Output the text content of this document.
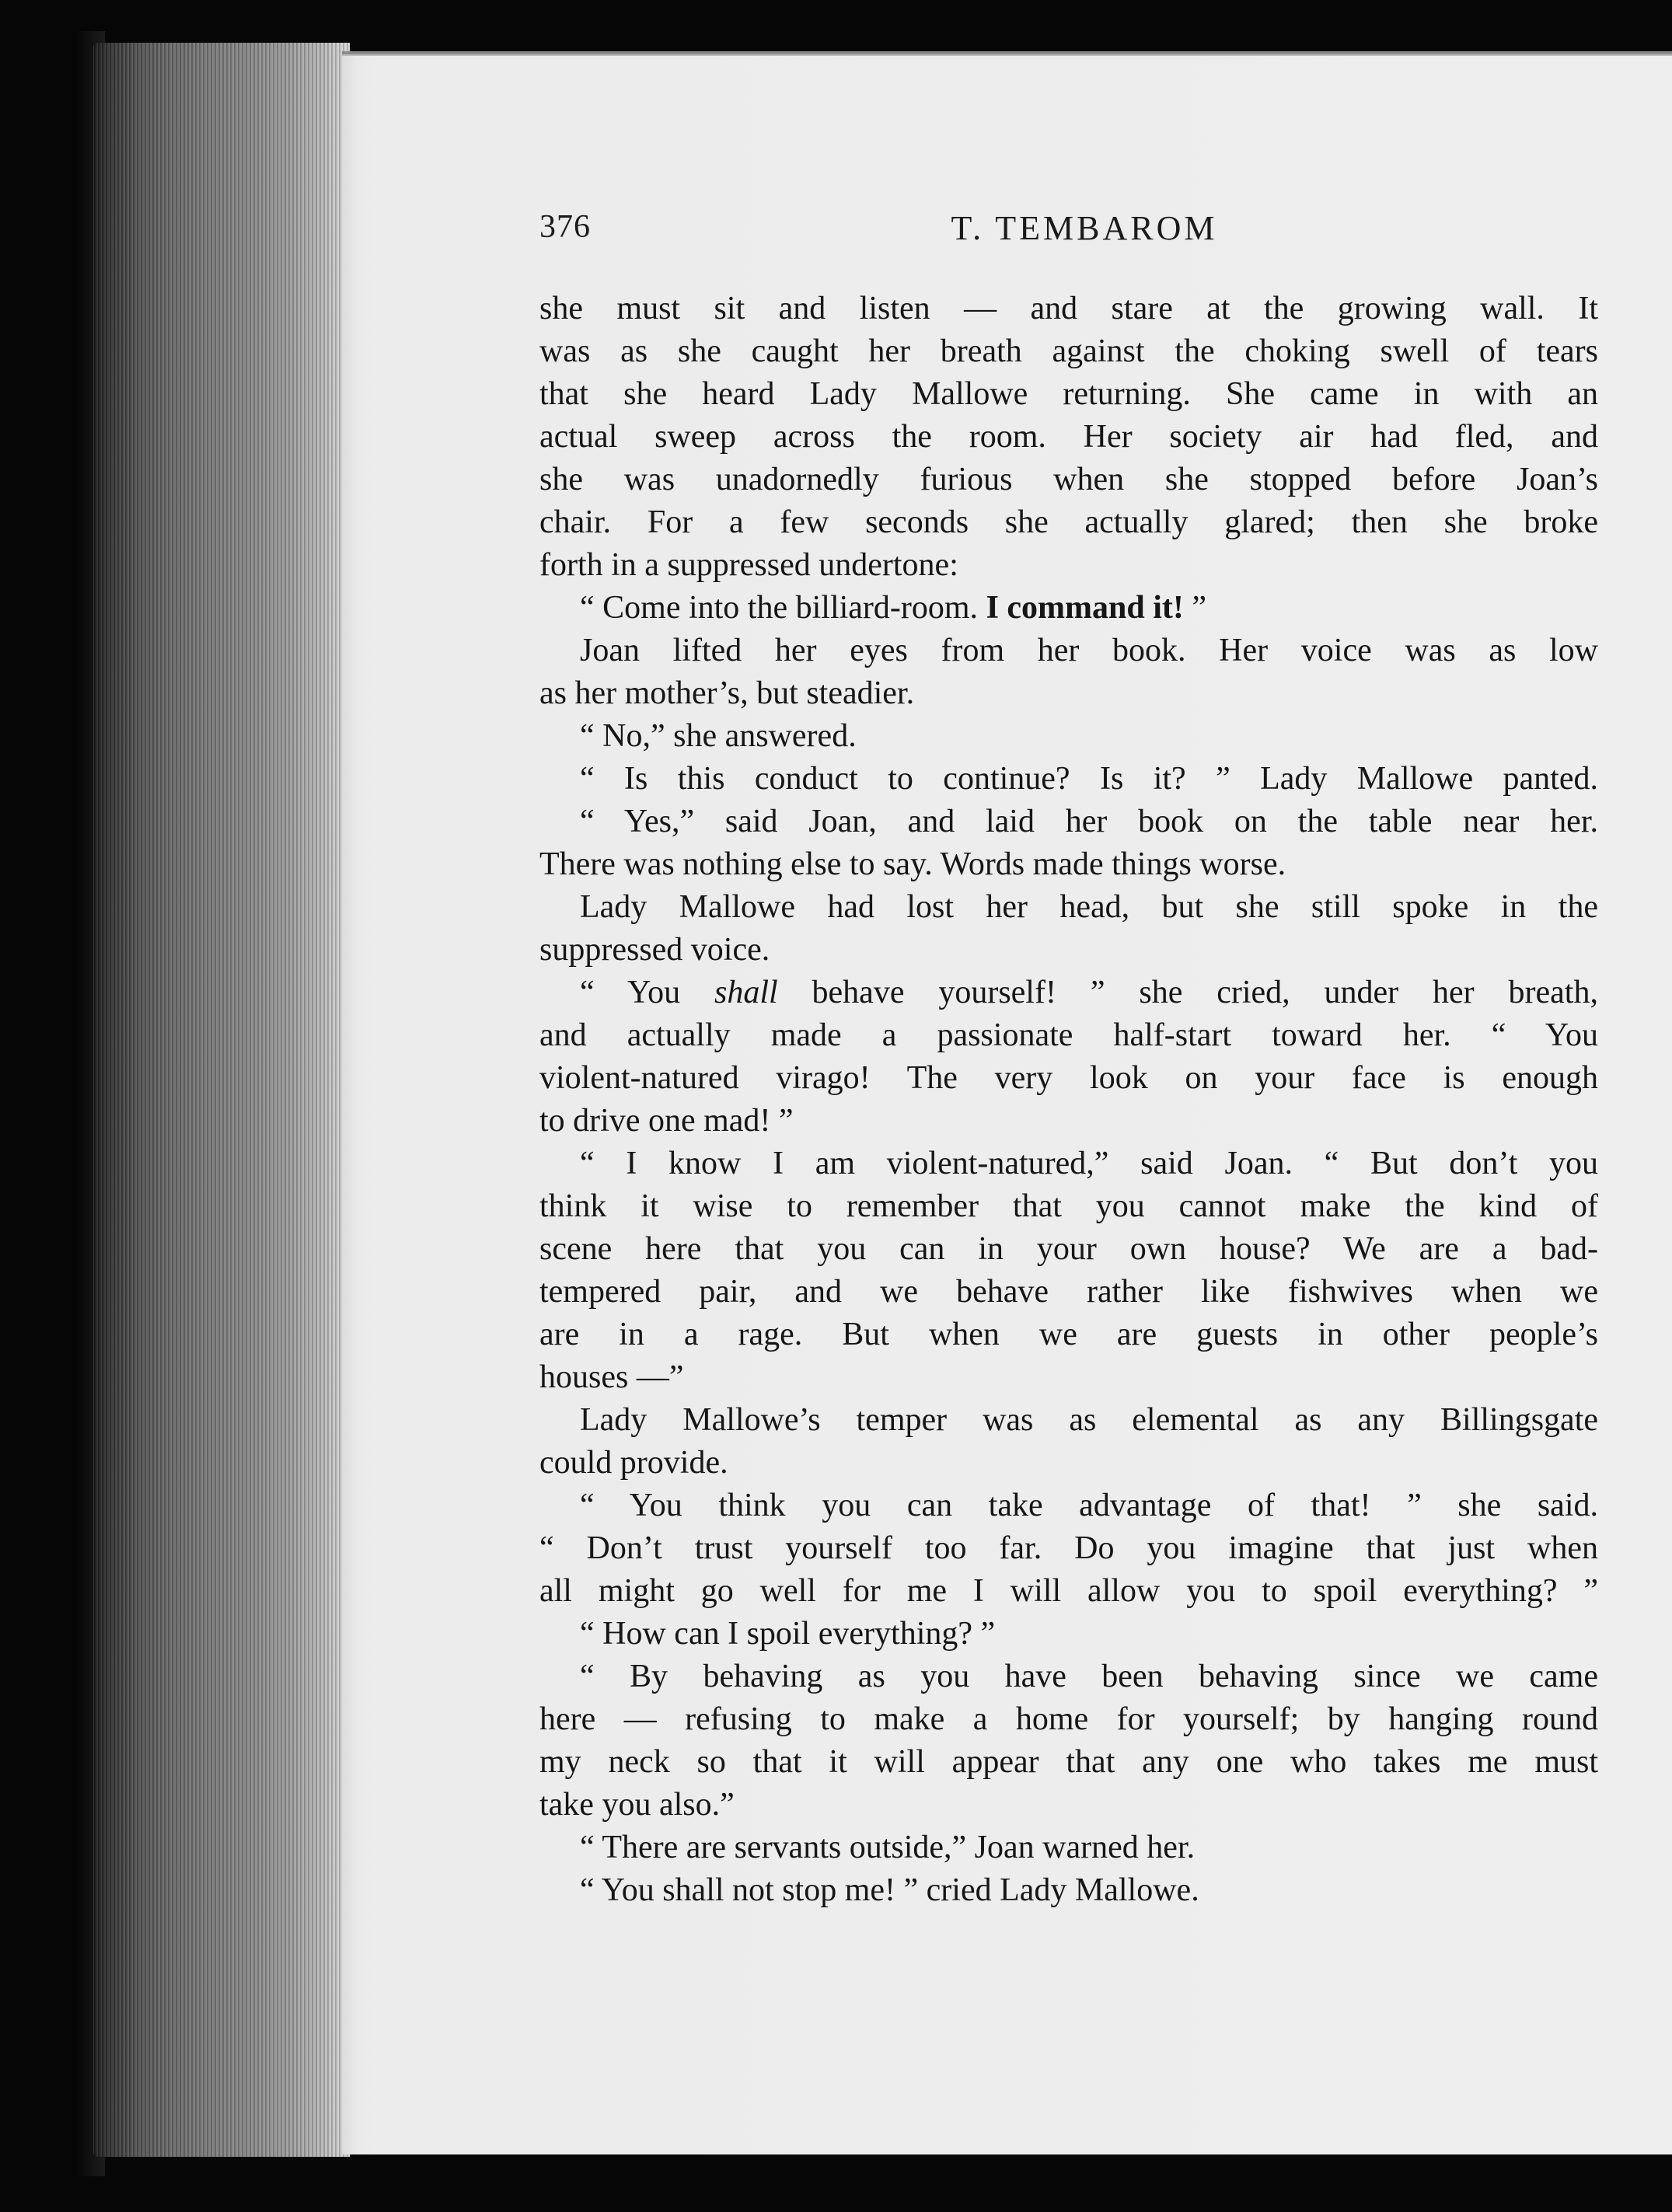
376	T. TEMBAROM
she must sit and listen — and stare at the growing wall. It
was as she caught her breath against the choking swell of tears
that she heard Lady Mallowe returning. She came in with an
actual sweep across the room. Her society air had fled, and
she was unadornedly furious when she stopped before Joan’s
chair. For a few seconds she actually glared; then she broke
forth in a suppressed undertone:
“ Come into the billiard-room. I command it! ”
Joan lifted her eyes from her book. Her voice was as low
as her mother’s, but steadier.
“ No,” she answered.
“ Is this conduct to continue? Is it? ” Lady Mallowe panted.
“ Yes,” said Joan, and laid her book on the table near her.
There was nothing else to say. Words made things worse.
Lady Mallowe had lost her head, but she still spoke in the
suppressed voice.
“ You shall behave yourself! ” she cried, under her breath,
and actually made a passionate half-start toward her. “ You
violent-natured virago! The very look on your face is enough
to drive one mad! ”
“ I know I am violent-natured,” said Joan. “ But don’t you
think it wise to remember that you cannot make the kind of
scene here that you can in your own house? We are a bad-
tempered pair, and we behave rather like fishwives when we
are in a rage. But when we are guests in other people’s
houses —”
Lady Mallowe’s temper was as elemental as any Billingsgate
could provide.
“ You think you can take advantage of that! ” she said.
“ Don’t trust yourself too far. Do you imagine that just when
all might go well for me I will allow you to spoil everything? ”
“ How can I spoil everything? ”
“ By behaving as you have been behaving since we came
here — refusing to make a home for yourself; by hanging round
my neck so that it will appear that any one who takes me must
take you also.”
“ There are servants outside,” Joan warned her.
“ You shall not stop me! ” cried Lady Mallowe.
